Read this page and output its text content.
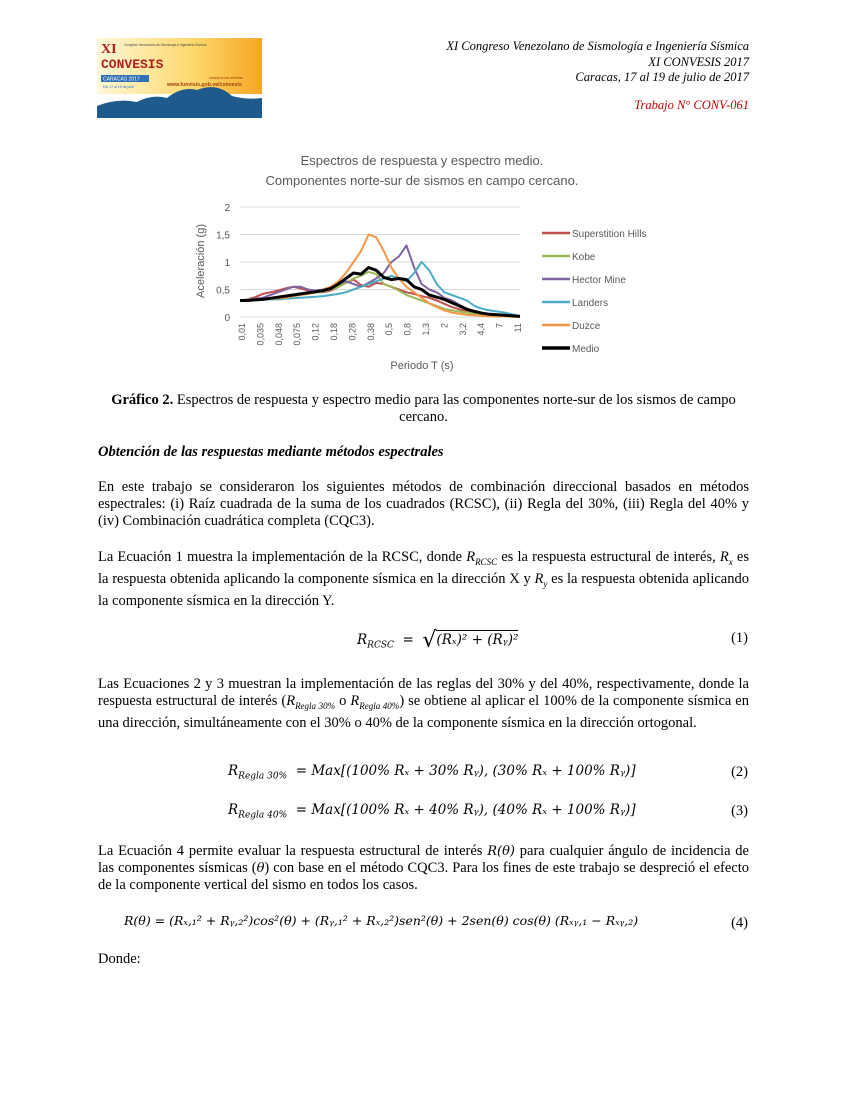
XI
CONVESIS
Congreso Venezolano de Sismología e Ingeniería Sísmica
CARACAS 2017
Del 17 al 19 de julio
Inscripciones abiertas
www.funvisis.gob.ve/convesis
XI Congreso Venezolano de Sismología e Ingeniería Sísmica
XI CONVESIS 2017
Caracas, 17 al 19 de julio de 2017
Trabajo N° CONV-061
Espectros de respuesta y espectro medio.
Componentes norte-sur de sismos en campo cercano.
0
0,5
1
1,5
2
0,01 0,035 0,048 0,075 0,12 0,18 0,28 0,38 0,5 0,8 1,3 2 3,2 4,4 7 11
Superstition Hills
Kobe
Hector Mine
Landers
Duzce
Medio
Periodo T (s)
Aceleración (g)
Gráfico 2. Espectros de respuesta y espectro medio para las componentes norte-sur de los sismos de campo cercano.
Obtención de las respuestas mediante métodos espectrales
En este trabajo se consideraron los siguientes métodos de combinación direccional basados en métodos espectrales: (i) Raíz cuadrada de la suma de los cuadrados (RCSC), (ii) Regla del 30%, (iii) Regla del 40% y (iv) Combinación cuadrática completa (CQC3).
La Ecuación 1 muestra la implementación de la RCSC, donde $R_{RCSC}$ es la respuesta estructural de interés, $R_x$ es la respuesta obtenida aplicando la componente sísmica en la dirección X y $R_y$ es la respuesta obtenida aplicando la componente sísmica en la dirección Y.
$R_{RCSC} = √(R_x)^2$ + (Rᵧ)²	(1)
Las Ecuaciones 2 y 3 muestran la implementación de las reglas del 30% y del 40%, respectivamente, donde la respuesta estructural de interés ($R_{Regla 30\%}$ o $R_{Regla 40\%}$) se obtiene al aplicar el 100% de la componente sísmica en una dirección, simultáneamente con el 30% o 40% de la componente sísmica en la dirección ortogonal.
$R_{Regla 30\%} = Max[(100\%$ Rₓ + 30% Rᵧ), (30% Rₓ + 100% Rᵧ)]	(2)
$R_{Regla 40\%} = Max[(100\%$ Rₓ + 40% Rᵧ), (40% Rₓ + 100% Rᵧ)]	(3)
La Ecuación 4 permite evaluar la respuesta estructural de interés R(θ) para cualquier ángulo de incidencia de las componentes sísmicas (θ) con base en el método CQC3. Para los fines de este trabajo se despreció el efecto de la componente vertical del sismo en todos los casos.
R(θ) = (Rₓ,₁² + Rᵧ,₂²)cos²(θ) + (Rᵧ,₁² + Rₓ,₂²)sen²(θ) + 2sen(θ) cos(θ) (Rₓᵧ,₁ − Rₓᵧ,₂)	(4)
Donde:
